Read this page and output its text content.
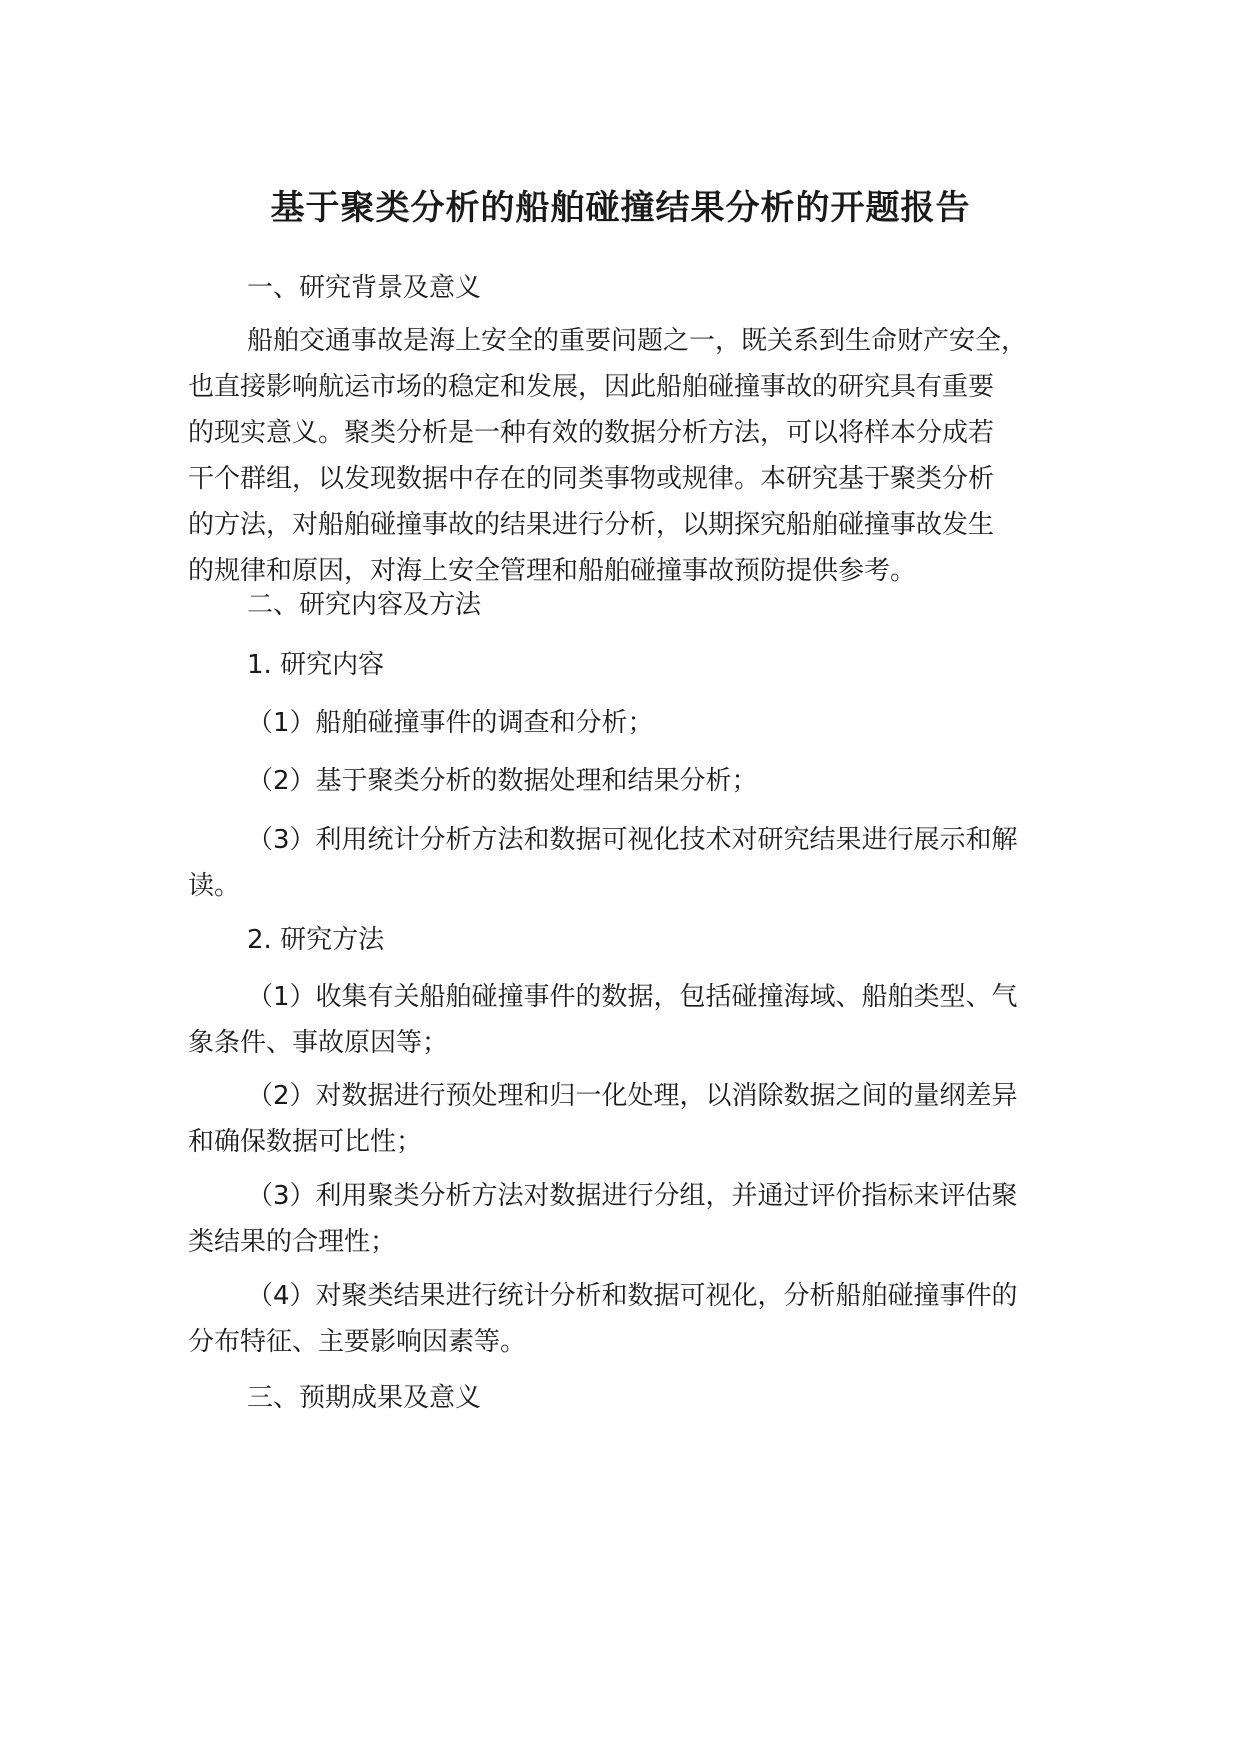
基于聚类分析的船舶碰撞结果分析的开题报告

一、研究背景及意义

船舶交通事故是海上安全的重要问题之一，既关系到生命财产安全，
也直接影响航运市场的稳定和发展，因此船舶碰撞事故的研究具有重要
的现实意义。聚类分析是一种有效的数据分析方法，可以将样本分成若
干个群组，以发现数据中存在的同类事物或规律。本研究基于聚类分析
的方法，对船舶碰撞事故的结果进行分析，以期探究船舶碰撞事故发生
的规律和原因，对海上安全管理和船舶碰撞事故预防提供参考。

二、研究内容及方法

1. 研究内容

（1）船舶碰撞事件的调查和分析；

（2）基于聚类分析的数据处理和结果分析；

（3）利用统计分析方法和数据可视化技术对研究结果进行展示和解
读。

2. 研究方法

（1）收集有关船舶碰撞事件的数据，包括碰撞海域、船舶类型、气
象条件、事故原因等；
（2）对数据进行预处理和归一化处理，以消除数据之间的量纲差异
和确保数据可比性；
（3）利用聚类分析方法对数据进行分组，并通过评价指标来评估聚
类结果的合理性；
（4）对聚类结果进行统计分析和数据可视化，分析船舶碰撞事件的
分布特征、主要影响因素等。

三、预期成果及意义
